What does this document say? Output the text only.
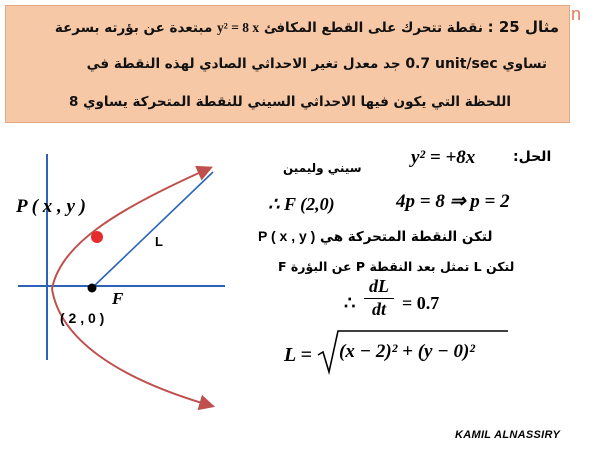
مثال 25 : نقطة تتحرك على القطع المكافئ y² = 8 x مبتعدة عن بؤرته بسرعة
تساوي 0.7 unit/sec جد معدل تغير الاحداثي الصادي لهذه النقطة في
اللحظة التي يكون فيها الاحداثي السيني للنقطة المتحركة يساوي 8
n
P ( x , y )
L
F
( 2 , 0 )
الحل:
y² = +8x
سيني وليمين
∴ F (2,0)	4p = 8 ⇒ p = 2
لتكن النقطة المتحركة هي P ( x , y )
لتكن L تمثل بعد النقطة P عن البؤرة F
∴ $\frac{dL}{dt} = 0.7$
L = (x − 2)² + (y − 0)²
KAMIL ALNASSIRY
